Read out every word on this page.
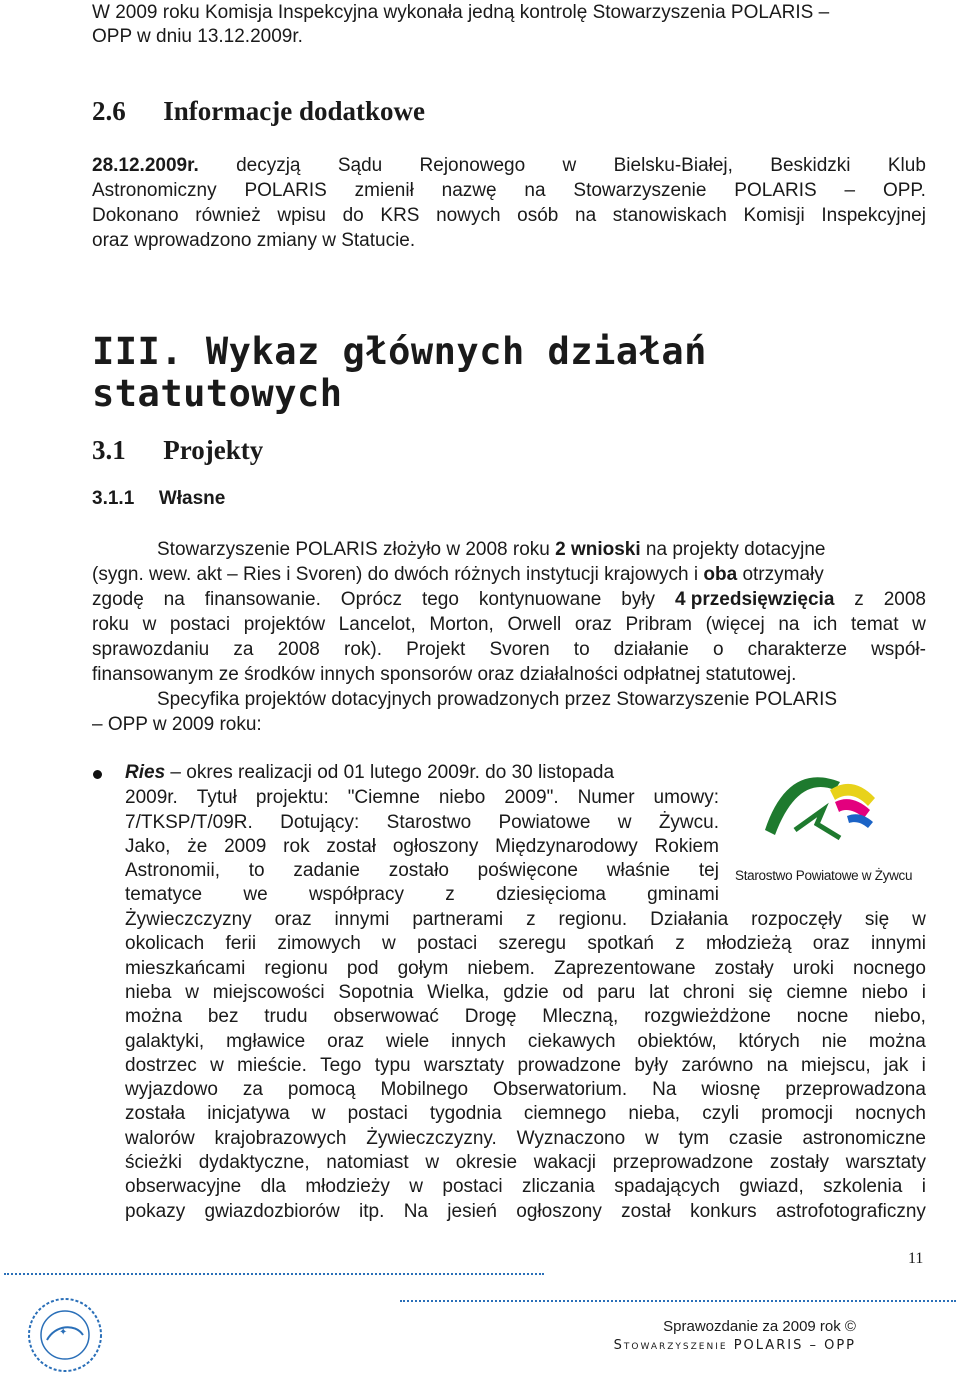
W 2009 roku Komisja Inspekcyjna wykonała jedną kontrolę Stowarzyszenia POLARIS –
OPP w dniu 13.12.2009r.
2.6 Informacje dodatkowe
28.12.2009r. decyzją Sądu Rejonowego w Bielsku-Białej, Beskidzki Klub
Astronomiczny POLARIS zmienił nazwę na Stowarzyszenie POLARIS – OPP.
Dokonano również wpisu do KRS nowych osób na stanowiskach Komisji Inspekcyjnej
oraz wprowadzono zmiany w Statucie.
III. Wykaz głównych działań
statutowych
3.1 Projekty
3.1.1 Własne
Stowarzyszenie POLARIS złożyło w 2008 roku 2 wnioski na projekty dotacyjne
(sygn. wew. akt – Ries i Svoren) do dwóch różnych instytucji krajowych i oba otrzymały
zgodę na finansowanie. Oprócz tego kontynuowane były 4 przedsięwzięcia z 2008
roku w postaci projektów Lancelot, Morton, Orwell oraz Pribram (więcej na ich temat w
sprawozdaniu za 2008 rok). Projekt Svoren to działanie o charakterze współ-
finansowanym ze środków innych sponsorów oraz działalności odpłatnej statutowej.
Specyfika projektów dotacyjnych prowadzonych przez Stowarzyszenie POLARIS
– OPP w 2009 roku:
Ries – okres realizacji od 01 lutego 2009r. do 30 listopada
2009r. Tytuł projektu: "Ciemne niebo 2009". Numer umowy:
7/TKSP/T/09R. Dotujący: Starostwo Powiatowe w Żywcu.
Jako, że 2009 rok został ogłoszony Międzynarodowy Rokiem
Astronomii, to zadanie zostało poświęcone właśnie tej
tematyce we współpracy z dziesięcioma gminami
Żywieczczyzny oraz innymi partnerami z regionu. Działania rozpoczęły się w
okolicach ferii zimowych w postaci szeregu spotkań z młodzieżą oraz innymi
mieszkańcami regionu pod gołym niebem. Zaprezentowane zostały uroki nocnego
nieba w miejscowości Sopotnia Wielka, gdzie od paru lat chroni się ciemne niebo i
można bez trudu obserwować Drogę Mleczną, rozgwieżdżone nocne niebo,
galaktyki, mgławice oraz wiele innych ciekawych obiektów, których nie można
dostrzec w mieście. Tego typu warsztaty prowadzone były zarówno na miejscu, jak i
wyjazdowo za pomocą Mobilnego Obserwatorium. Na wiosnę przeprowadzona
została inicjatywa w postaci tygodnia ciemnego nieba, czyli promocji nocnych
walorów krajobrazowych Żywieczczyzny. Wyznaczono w tym czasie astronomiczne
ścieżki dydaktyczne, natomiast w okresie wakacji przeprowadzone zostały warsztaty
obserwacyjne dla młodzieży w postaci zliczania spadających gwiazd, szkolenia i
pokazy gwiazdozbiorów itp. Na jesień ogłoszony został konkurs astrofotograficzny
Starostwo Powiatowe w Żywcu
11
✦	Sprawozdanie za 2009 rok ©
Stowarzyszenie POLARIS – OPP
